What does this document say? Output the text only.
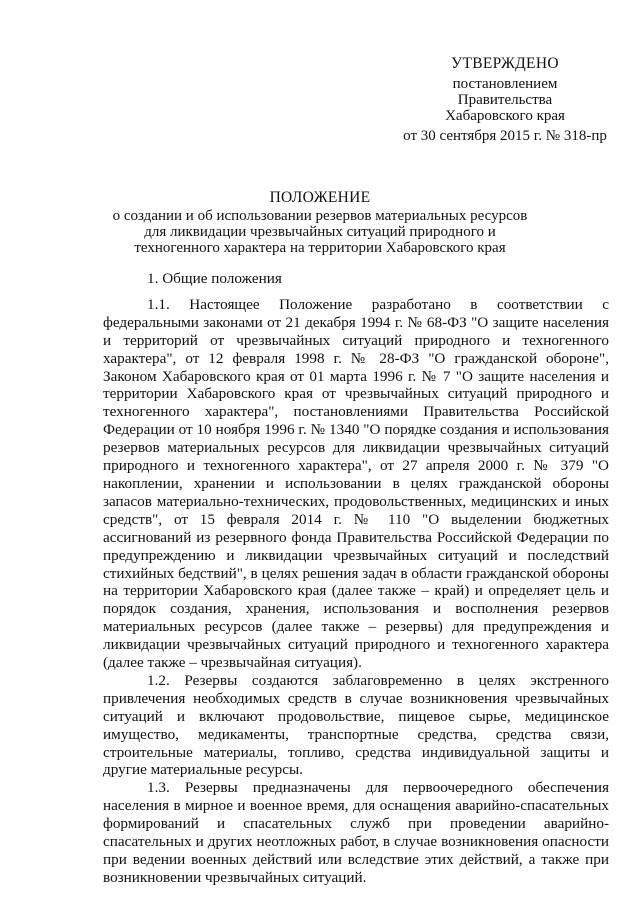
УТВЕРЖДЕНО
постановлением
Правительства
Хабаровского края
от 30 сентября 2015 г. № 318-пр
ПОЛОЖЕНИЕ
о создании и об использовании резервов материальных ресурсов
для ликвидации чрезвычайных ситуаций природного и
техногенного характера на территории Хабаровского края

1. Общие положения

1.1. Настоящее Положение разработано в соответствии с федеральными законами от 21 декабря 1994 г. № 68-ФЗ "О защите населения и территорий от чрезвычайных ситуаций природного и техногенного характера", от 12 февраля 1998 г. № 28-ФЗ "О гражданской обороне", Законом Хабаровского края от 01 марта 1996 г. № 7 "О защите населения и территории Хабаровского края от чрезвычайных ситуаций природного и техногенного характера", постановлениями Правительства Российской Федерации от 10 ноября 1996 г. № 1340 "О порядке создания и использования резервов материальных ресурсов для ликвидации чрезвычайных ситуаций природного и техногенного характера", от 27 апреля 2000 г. № 379 "О накоплении, хранении и использовании в целях гражданской обороны запасов материально-технических, продовольственных, медицинских и иных средств", от 15 февраля 2014 г. № 110 "О выделении бюджетных ассигнований из резервного фонда Правительства Российской Федерации по предупреждению и ликвидации чрезвычайных ситуаций и последствий стихийных бедствий", в целях решения задач в области гражданской обороны на территории Хабаровского края (далее также – край) и определяет цель и порядок создания, хранения, использования и восполнения резервов материальных ресурсов (далее также – резервы) для предупреждения и ликвидации чрезвычайных ситуаций природного и техногенного характера (далее также – чрезвычайная ситуация).

1.2. Резервы создаются заблаговременно в целях экстренного привлечения необходимых средств в случае возникновения чрезвычайных ситуаций и включают продовольствие, пищевое сырье, медицинское имущество, медикаменты, транспортные средства, средства связи, строительные материалы, топливо, средства индивидуальной защиты и другие материальные ресурсы.

1.3. Резервы предназначены для первоочередного обеспечения населения в мирное и военное время, для оснащения аварийно-спасательных формирований и спасательных служб при проведении аварийно-спасательных и других неотложных работ, в случае возникновения опасности при ведении военных действий или вследствие этих действий, а также при возникновении чрезвычайных ситуаций.
